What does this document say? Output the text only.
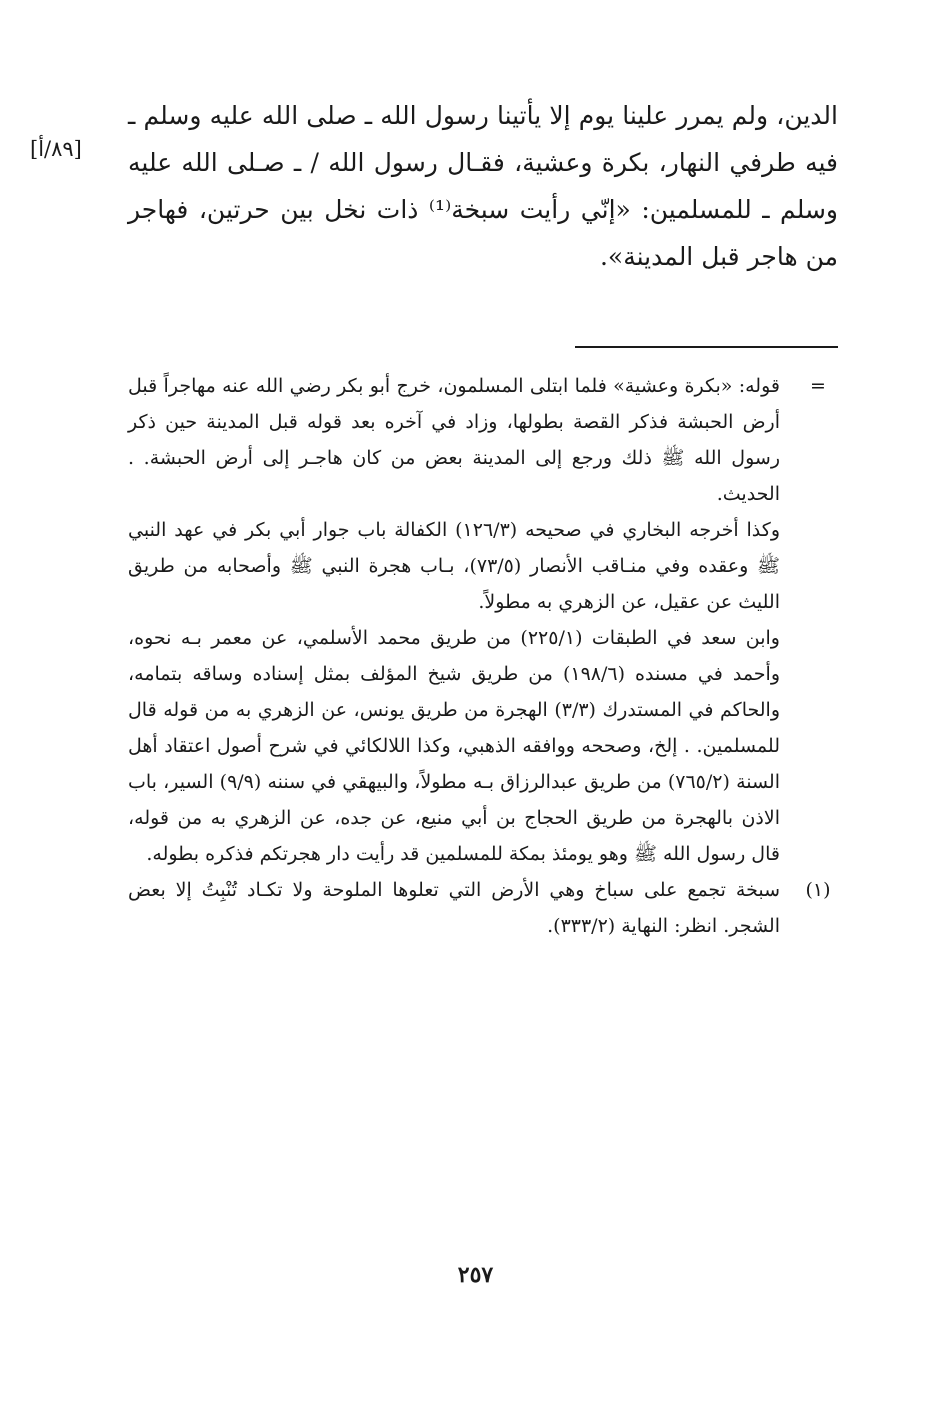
الدين، ولم يمرر علينا يوم إلا يأتينا رسول الله ـ صلى الله عليه وسلم ـ فيه طرفي النهار، بكرة وعشية، فقـال رسول الله / ـ صـلى الله عليه وسلم ـ للمسلمين: «إنّي رأيت سبخة⁽¹⁾ ذات نخل بين حرتين، فهاجر من هاجر قبل المدينة».

[٨٩/أ]
=

قوله: «بكرة وعشية» فلما ابتلى المسلمون، خرج أبو بكر رضي الله عنه مهاجراً قبل أرض الحبشة فذكر القصة بطولها، وزاد في آخره بعد قوله قبل المدينة حين ذكر رسول الله ﷺ ذلك ورجع إلى المدينة بعض من كان هاجـر إلى أرض الحبشة. . الحديث.

وكذا أخرجه البخاري في صحيحه (١٢٦/٣) الكفالة باب جوار أبي بكر في عهد النبي ﷺ وعقده وفي منـاقب الأنصار (٧٣/٥)، بـاب هجرة النبي ﷺ وأصحابه من طريق الليث عن عقيل، عن الزهري به مطولاً.

وابن سعد في الطبقات (٢٢٥/١) من طريق محمد الأسلمي، عن معمر بـه نحوه، وأحمد في مسنده (١٩٨/٦) من طريق شيخ المؤلف بمثل إسناده وساقه بتمامه، والحاكم في المستدرك (٣/٣) الهجرة من طريق يونس، عن الزهري به من قوله قال للمسلمين. . إلخ، وصححه ووافقه الذهبي، وكذا اللالكائي في شرح أصول اعتقاد أهل السنة (٧٦٥/٢) من طريق عبدالرزاق بـه مطولاً، والبيهقي في سننه (٩/٩) السير، باب الاذن بالهجرة من طريق الحجاج بن أبي منيع، عن جده، عن الزهري به من قوله، قال رسول الله ﷺ وهو يومئذ بمكة للمسلمين قد رأيت دار هجرتكم فذكره بطوله.

(١)

سبخة تجمع على سباخ وهي الأرض التي تعلوها الملوحة ولا تكـاد تُنْبِتُ إلا بعض الشجر. انظر: النهاية (٣٣٣/٢).

٢٥٧
